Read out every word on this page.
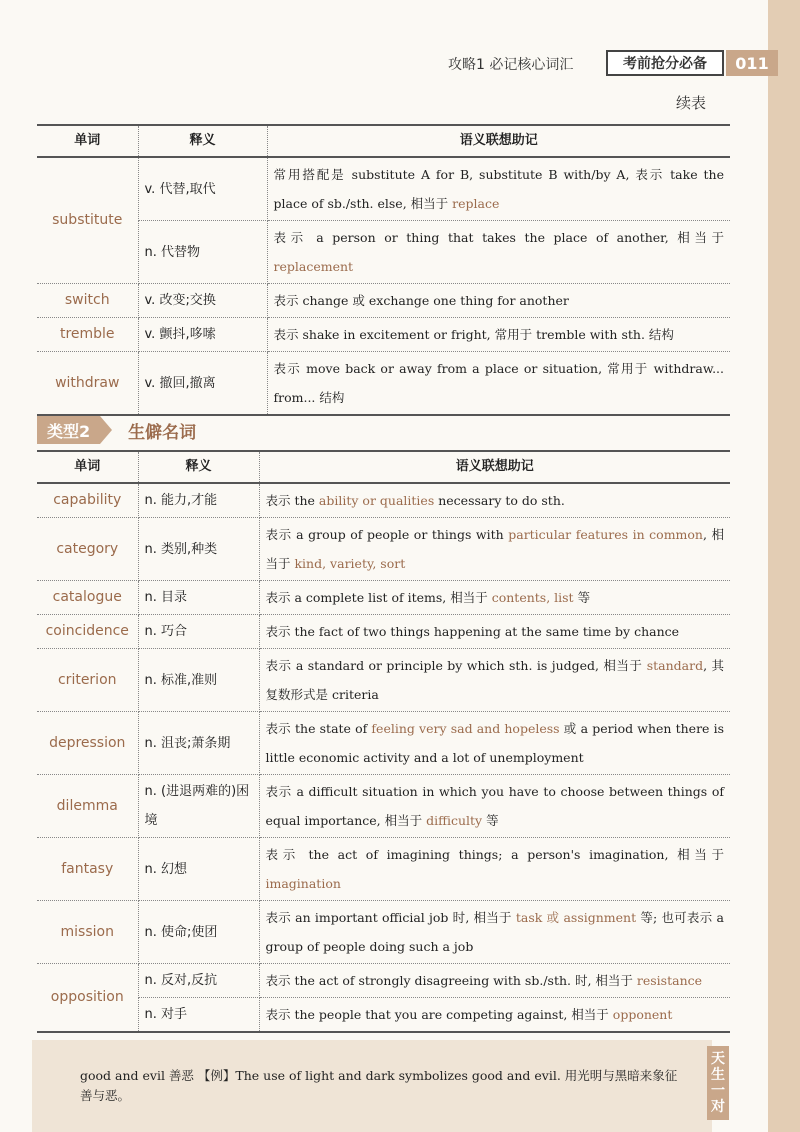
攻略1 必记核心词汇	考前抢分必备	011
续表
单词	释义	语义联想助记
substitute	v. 代替,取代	常用搭配是 substitute A for B, substitute B with/by A, 表示 take the place of sb./sth. else, 相当于 replace
	n. 代替物	表示 a person or thing that takes the place of another, 相当于 replacement
switch	v. 改变;交换	表示 change 或 exchange one thing for another
tremble	v. 颤抖,哆嗦	表示 shake in excitement or fright, 常用于 tremble with sth. 结构
withdraw	v. 撤回,撤离	表示 move back or away from a place or situation, 常用于 withdraw... from... 结构
类型2	生僻名词
单词	释义	语义联想助记
capability	n. 能力,才能	表示 the ability or qualities necessary to do sth.
category	n. 类别,种类	表示 a group of people or things with particular features in common, 相当于 kind, variety, sort
catalogue	n. 目录	表示 a complete list of items, 相当于 contents, list 等
coincidence	n. 巧合	表示 the fact of two things happening at the same time by chance
criterion	n. 标准,准则	表示 a standard or principle by which sth. is judged, 相当于 standard, 其复数形式是 criteria
depression	n. 沮丧;萧条期	表示 the state of feeling very sad and hopeless 或 a period when there is little economic activity and a lot of unemployment
dilemma	n. (进退两难的)困境	表示 a difficult situation in which you have to choose between things of equal importance, 相当于 difficulty 等
fantasy	n. 幻想	表示 the act of imagining things; a person's imagination, 相当于 imagination
mission	n. 使命;使团	表示 an important official job 时, 相当于 task 或 assignment 等; 也可表示 a group of people doing such a job
opposition	n. 反对,反抗	表示 the act of strongly disagreeing with sb./sth. 时, 相当于 resistance
	n. 对手	表示 the people that you are competing against, 相当于 opponent

good and evil 善恶 【例】The use of light and dark symbolizes good and evil. 用光明与黑暗来象征善与恶。

天生一对
